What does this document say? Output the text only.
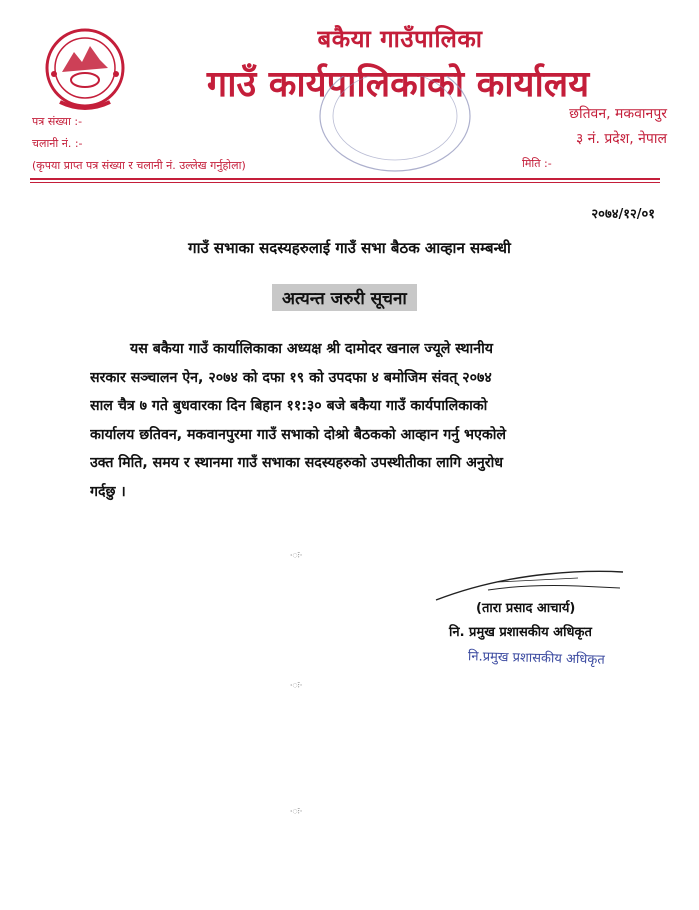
बकैया गाउँपालिका
गाउँ कार्यपालिकाको कार्यालय
छतिवन, मकवानपुर
३ नं. प्रदेश, नेपाल
पत्र संख्या :-
चलानी नं. :-
(कृपया प्राप्त पत्र संख्या र चलानी नं. उल्लेख गर्नुहोला)	मिति :-
२०७४/१२/०१
गाउँ सभाका सदस्यहरुलाई गाउँ सभा बैठक आव्हान सम्बन्धी
अत्यन्त जरुरी सूचना
यस बकैया गाउँ कार्यालिकाका अध्यक्ष श्री दामोदर खनाल ज्यूले स्थानीय
सरकार सञ्चालन ऐन, २०७४ को दफा १९ को उपदफा ४ बमोजिम संवत् २०७४
साल चैत्र ७ गते बुधवारका दिन बिहान ११:३० बजे बकैया गाउँ कार्यपालिकाको
कार्यालय छतिवन, मकवानपुरमा गाउँ सभाको दोश्रो बैठकको आव्हान गर्नु भएकोले
उक्त मिति, समय र स्थानमा गाउँ सभाका सदस्यहरुको उपस्थीतीका लागि अनुरोध
गर्दछु ।
(तारा प्रसाद आचार्य)
नि. प्रमुख प्रशासकीय अधिकृत
नि.प्रमुख प्रशासकीय अधिकृत
·ः·
·ः·
·ः·
